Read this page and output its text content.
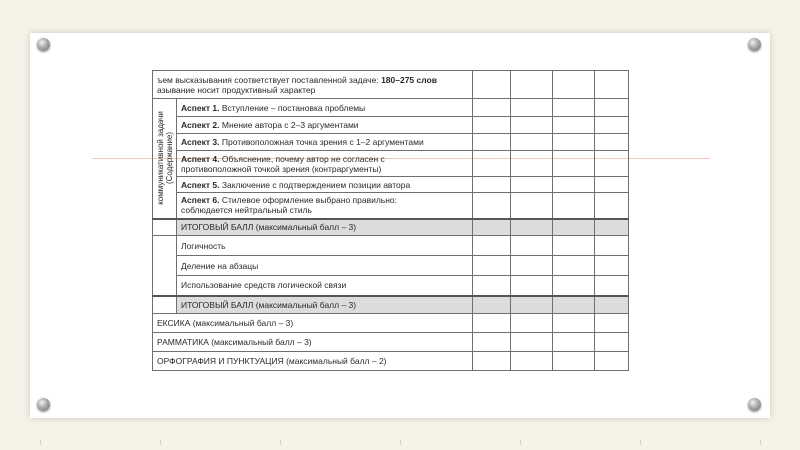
ъем высказывания соответствует поставленной задаче: 180–275 слов
азывание носит продуктивный характер					

коммуникативной задачи (Содержание)	Аспект 1. Вступление – постановка проблемы				
	Аспект 2. Мнение автора с 2–3 аргументами				
	Аспект 3. Противоположная точка зрения с 1–2 аргументами				
	Аспект 4. Объяснение, почему автор не согласен с
противоположной точкой зрения (контраргументы)				
	Аспект 5. Заключение с подтверждением позиции автора				
	Аспект 6. Стилевое оформление выбрано правильно:
соблюдается нейтральный стиль				
	ИТОГОВЫЙ БАЛЛ (максимальный балл – 3)				
	Логичность				
	Деление на абзацы				
	Использование средств логической связи				
	ИТОГОВЫЙ БАЛЛ (максимальный балл – 3)				
ЕКСИКА (максимальный балл – 3)					
РАММАТИКА (максимальный балл – 3)					
ОРФОГРАФИЯ И ПУНКТУАЦИЯ (максимальный балл – 2)					
